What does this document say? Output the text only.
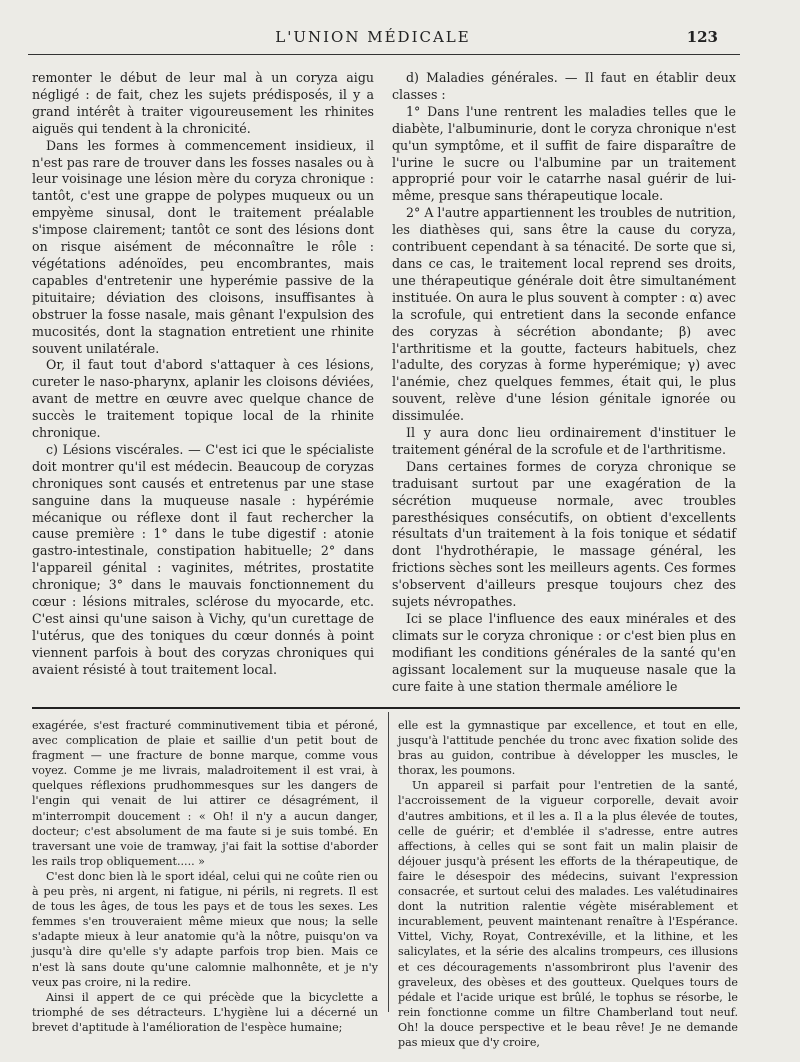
L'UNION MÉDICALE	123

remonter le début de leur mal à un coryza aigu négligé : de fait, chez les sujets prédisposés, il y a grand intérêt à traiter vigoureusement les rhinites aiguës qui tendent à la chronicité.

Dans les formes à commencement insidieux, il n'est pas rare de trouver dans les fosses nasales ou à leur voisinage une lésion mère du coryza chronique : tantôt, c'est une grappe de polypes muqueux ou un empyème sinusal, dont le traitement préalable s'impose clairement; tantôt ce sont des lésions dont on risque aisément de méconnaître le rôle : végétations adénoïdes, peu encombrantes, mais capables d'entretenir une hyperémie passive de la pituitaire; déviation des cloisons, insuffisantes à obstruer la fosse nasale, mais gênant l'expulsion des mucosités, dont la stagnation entretient une rhinite souvent unilatérale.

Or, il faut tout d'abord s'attaquer à ces lésions, cureter le naso-pharynx, aplanir les cloisons déviées, avant de mettre en œuvre avec quelque chance de succès le traitement topique local de la rhinite chronique.

c) Lésions viscérales. — C'est ici que le spécialiste doit montrer qu'il est médecin. Beaucoup de coryzas chroniques sont causés et entretenus par une stase sanguine dans la muqueuse nasale : hypérémie mécanique ou réflexe dont il faut rechercher la cause première : 1° dans le tube digestif : atonie gastro-intestinale, constipation habituelle; 2° dans l'appareil génital : vaginites, métrites, prostatite chronique; 3° dans le mauvais fonctionnement du cœur : lésions mitrales, sclérose du myocarde, etc. C'est ainsi qu'une saison à Vichy, qu'un curettage de l'utérus, que des toniques du cœur donnés à point viennent parfois à bout des coryzas chroniques qui avaient résisté à tout traitement local.

d) Maladies générales. — Il faut en établir deux classes :

1° Dans l'une rentrent les maladies telles que le diabète, l'albuminurie, dont le coryza chronique n'est qu'un symptôme, et il suffit de faire disparaître de l'urine le sucre ou l'albumine par un traitement approprié pour voir le catarrhe nasal guérir de lui-même, presque sans thérapeutique locale.

2° A l'autre appartiennent les troubles de nutrition, les diathèses qui, sans être la cause du coryza, contribuent cependant à sa ténacité. De sorte que si, dans ce cas, le traitement local reprend ses droits, une thérapeutique générale doit être simultanément instituée. On aura le plus souvent à compter : α) avec la scrofule, qui entretient dans la seconde enfance des coryzas à sécrétion abondante; β) avec l'arthritisme et la goutte, facteurs habituels, chez l'adulte, des coryzas à forme hyperémique; γ) avec l'anémie, chez quelques femmes, était qui, le plus souvent, relève d'une lésion génitale ignorée ou dissimulée.

Il y aura donc lieu ordinairement d'instituer le traitement général de la scrofule et de l'arthritisme.

Dans certaines formes de coryza chronique se traduisant surtout par une exagération de la sécrétion muqueuse normale, avec troubles paresthésiques consécutifs, on obtient d'excellents résultats d'un traitement à la fois tonique et sédatif dont l'hydrothérapie, le massage général, les frictions sèches sont les meilleurs agents. Ces formes s'observent d'ailleurs presque toujours chez des sujets névropathes.

Ici se place l'influence des eaux minérales et des climats sur le coryza chronique : or c'est bien plus en modifiant les conditions générales de la santé qu'en agissant localement sur la muqueuse nasale que la cure faite à une station thermale améliore le

exagérée, s'est fracturé comminutivement tibia et péroné, avec complication de plaie et saillie d'un petit bout de fragment — une fracture de bonne marque, comme vous voyez. Comme je me livrais, maladroitement il est vrai, à quelques réflexions prudhommesques sur les dangers de l'engin qui venait de lui attirer ce désagrément, il m'interrompit doucement : « Oh! il n'y a aucun danger, docteur; c'est absolument de ma faute si je suis tombé. En traversant une voie de tramway, j'ai fait la sottise d'aborder les rails trop obliquement..... »

C'est donc bien là le sport idéal, celui qui ne coûte rien ou à peu près, ni argent, ni fatigue, ni périls, ni regrets. Il est de tous les âges, de tous les pays et de tous les sexes. Les femmes s'en trouveraient même mieux que nous; la selle s'adapte mieux à leur anatomie qu'à la nôtre, puisqu'on va jusqu'à dire qu'elle s'y adapte parfois trop bien. Mais ce n'est là sans doute qu'une calomnie malhonnête, et je n'y veux pas croire, ni la redire.

Ainsi il appert de ce qui précède que la bicyclette a triomphé de ses détracteurs. L'hygiène lui a décerné un brevet d'aptitude à l'amélioration de l'espèce humaine;

elle est la gymnastique par excellence, et tout en elle, jusqu'à l'attitude penchée du tronc avec fixation solide des bras au guidon, contribue à développer les muscles, le thorax, les poumons.

Un appareil si parfait pour l'entretien de la santé, l'accroissement de la vigueur corporelle, devait avoir d'autres ambitions, et il les a. Il a la plus élevée de toutes, celle de guérir; et d'emblée il s'adresse, entre autres affections, à celles qui se sont fait un malin plaisir de déjouer jusqu'à présent les efforts de la thérapeutique, de faire le désespoir des médecins, suivant l'expression consacrée, et surtout celui des malades. Les valétudinaires dont la nutrition ralentie végète misérablement et incurablement, peuvent maintenant renaître à l'Espérance. Vittel, Vichy, Royat, Contrexéville, et la lithine, et les salicylates, et la série des alcalins trompeurs, ces illusions et ces découragements n'assombriront plus l'avenir des graveleux, des obèses et des goutteux. Quelques tours de pédale et l'acide urique est brûlé, le tophus se résorbe, le rein fonctionne comme un filtre Chamberland tout neuf. Oh! la douce perspective et le beau rêve! Je ne demande pas mieux que d'y croire,
